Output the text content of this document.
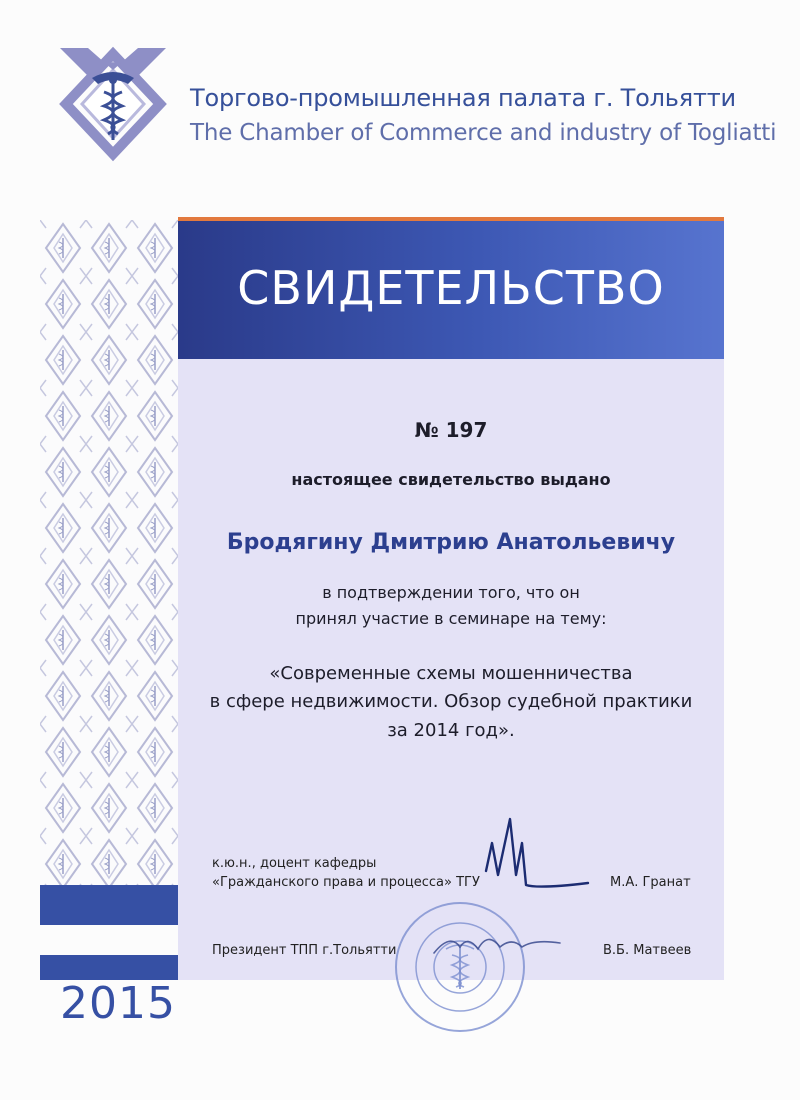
Торгово-промышленная палата г. Тольятти
The Chamber of Commerce and industry of Togliatti
СВИДЕТЕЛЬСТВО
2015
№ 197
настоящее свидетельство выдано
Бродягину Дмитрию Анатольевичу
в подтверждении того, что он
принял участие в семинаре на тему:
«Современные схемы мошенничества
в сфере недвижимости. Обзор судебной практики
за 2014 год».
к.ю.н., доцент кафедры
«Гражданского права и процесса» ТГУ	М.А. Гранат
Президент ТПП г.Тольятти	В.Б. Матвеев
